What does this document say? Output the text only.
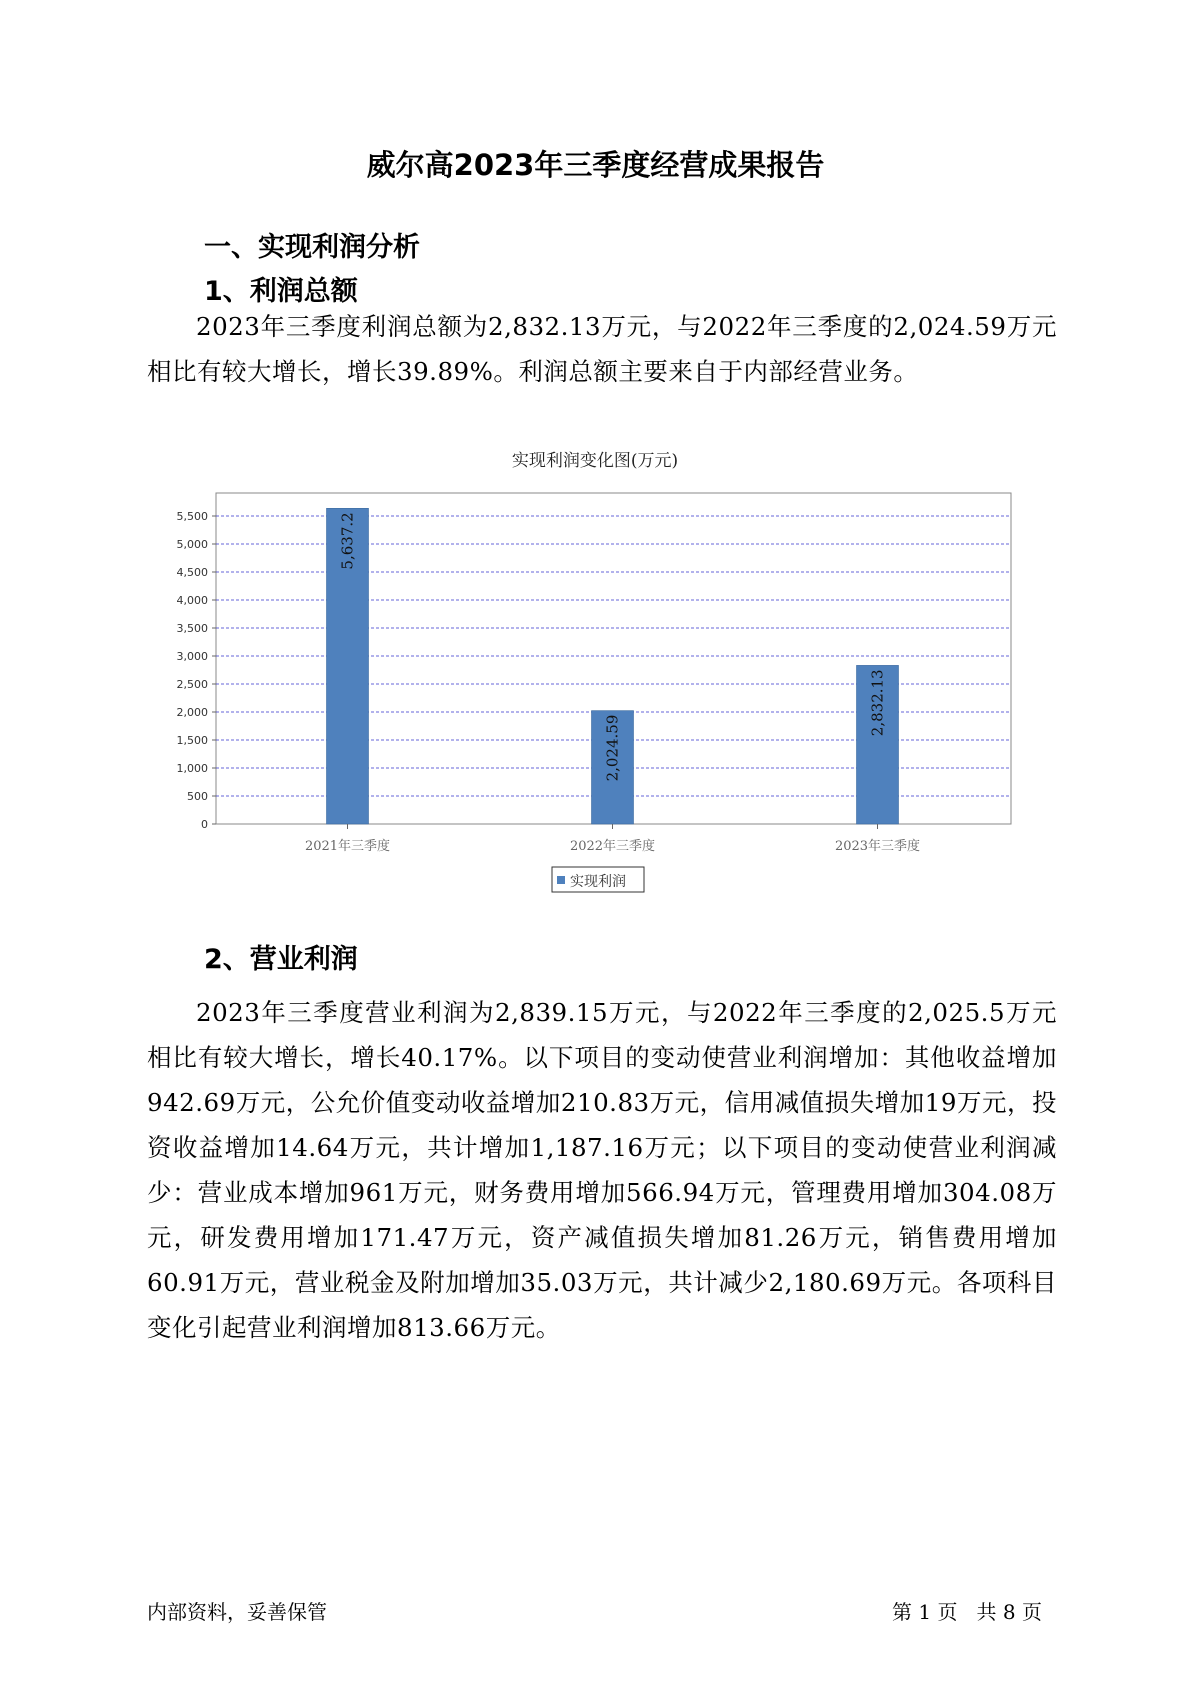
威尔高2023年三季度经营成果报告
一、实现利润分析
1、利润总额
2023年三季度利润总额为2,832.13万元，与2022年三季度的2,024.59万元相比有较大增长，增长39.89%。利润总额主要来自于内部经营业务。
实现利润变化图(万元)
0
500
1,000
1,500
2,000
2,500
3,000
3,500
4,000
4,500
5,000
5,500	5,637.2
2,024.59
2,832.13
2021年三季度	2022年三季度	2023年三季度
实现利润
2、营业利润
2023年三季度营业利润为2,839.15万元，与2022年三季度的2,025.5万元相比有较大增长，增长40.17%。以下项目的变动使营业利润增加：其他收益增加942.69万元，公允价值变动收益增加210.83万元，信用减值损失增加19万元，投资收益增加14.64万元，共计增加1,187.16万元；以下项目的变动使营业利润减少：营业成本增加961万元，财务费用增加566.94万元，管理费用增加304.08万元，研发费用增加171.47万元，资产减值损失增加81.26万元，销售费用增加60.91万元，营业税金及附加增加35.03万元，共计减少2,180.69万元。各项科目变化引起营业利润增加813.66万元。
内部资料，妥善保管	第 1 页   共 8 页
